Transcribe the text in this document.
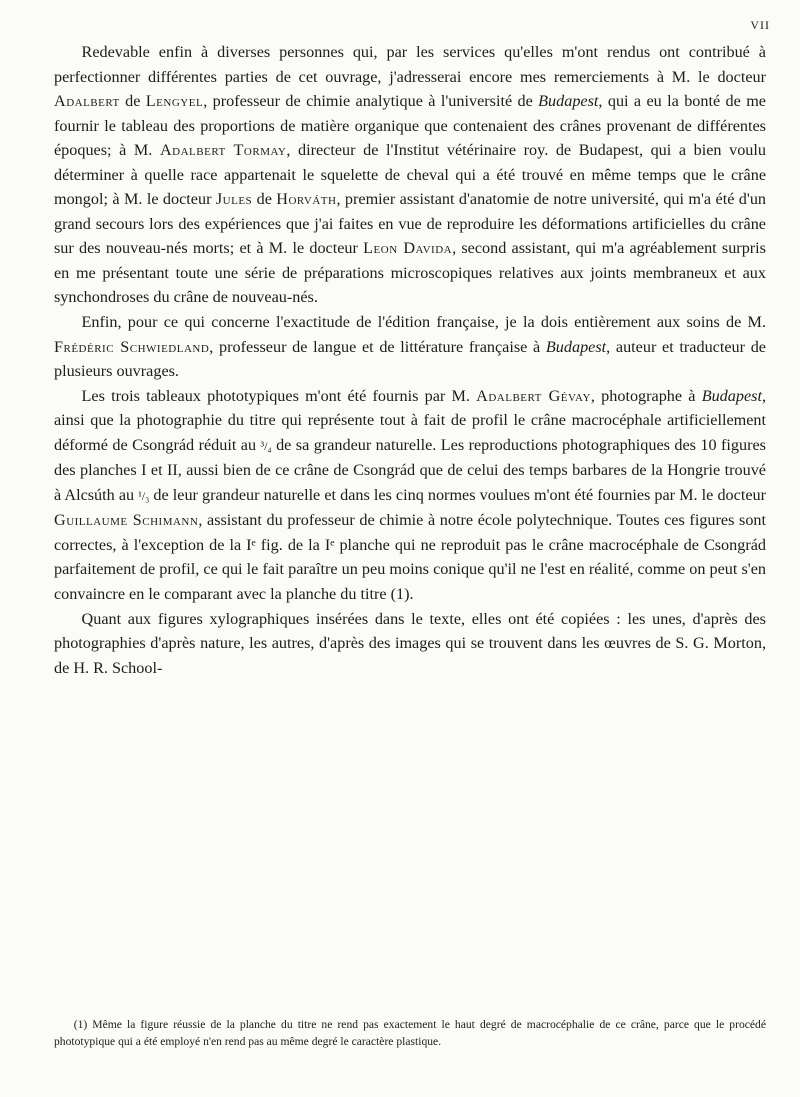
VII

Redevable enfin à diverses personnes qui, par les services qu'elles m'ont rendus ont contribué à perfectionner différentes parties de cet ouvrage, j'adresserai encore mes remerciements à M. le docteur Adalbert de Lengyel, professeur de chimie analytique à l'université de Budapest, qui a eu la bonté de me fournir le tableau des proportions de matière organique que contenaient des crânes provenant de différentes époques; à M. Adalbert Tormay, directeur de l'Institut vétérinaire roy. de Budapest, qui a bien voulu déterminer à quelle race appartenait le squelette de cheval qui a été trouvé en même temps que le crâne mongol; à M. le docteur Jules de Horváth, premier assistant d'anatomie de notre université, qui m'a été d'un grand secours lors des expériences que j'ai faites en vue de reproduire les déformations artificielles du crâne sur des nouveau-nés morts; et à M. le docteur Leon Davida, second assistant, qui m'a agréablement surpris en me présentant toute une série de préparations microscopiques relatives aux joints membraneux et aux synchondroses du crâne de nouveau-nés.

Enfin, pour ce qui concerne l'exactitude de l'édition française, je la dois entièrement aux soins de M. Frédéric Schwiedland, professeur de langue et de littérature française à Budapest, auteur et traducteur de plusieurs ouvrages.

Les trois tableaux phototypiques m'ont été fournis par M. Adalbert Gévay, photographe à Budapest, ainsi que la photographie du titre qui représente tout à fait de profil le crâne macrocéphale artificiellement déformé de Csongrád réduit au ³/₄ de sa grandeur naturelle. Les reproductions photographiques des 10 figures des planches I et II, aussi bien de ce crâne de Csongrád que de celui des temps barbares de la Hongrie trouvé à Alcsúth au ¹/₃ de leur grandeur naturelle et dans les cinq normes voulues m'ont été fournies par M. le docteur Guillaume Schimann, assistant du professeur de chimie à notre école polytechnique. Toutes ces figures sont correctes, à l'exception de la Iᵉ fig. de la Iᵉ planche qui ne reproduit pas le crâne macrocéphale de Csongrád parfaitement de profil, ce qui le fait paraître un peu moins conique qu'il ne l'est en réalité, comme on peut s'en convaincre en le comparant avec la planche du titre (1).

Quant aux figures xylographiques insérées dans le texte, elles ont été copiées : les unes, d'après des photographies d'après nature, les autres, d'après des images qui se trouvent dans les œuvres de S. G. Morton, de H. R. School-

(1) Même la figure réussie de la planche du titre ne rend pas exactement le haut degré de macrocéphalie de ce crâne, parce que le procédé phototypique qui a été employé n'en rend pas au même degré le caractère plastique.
